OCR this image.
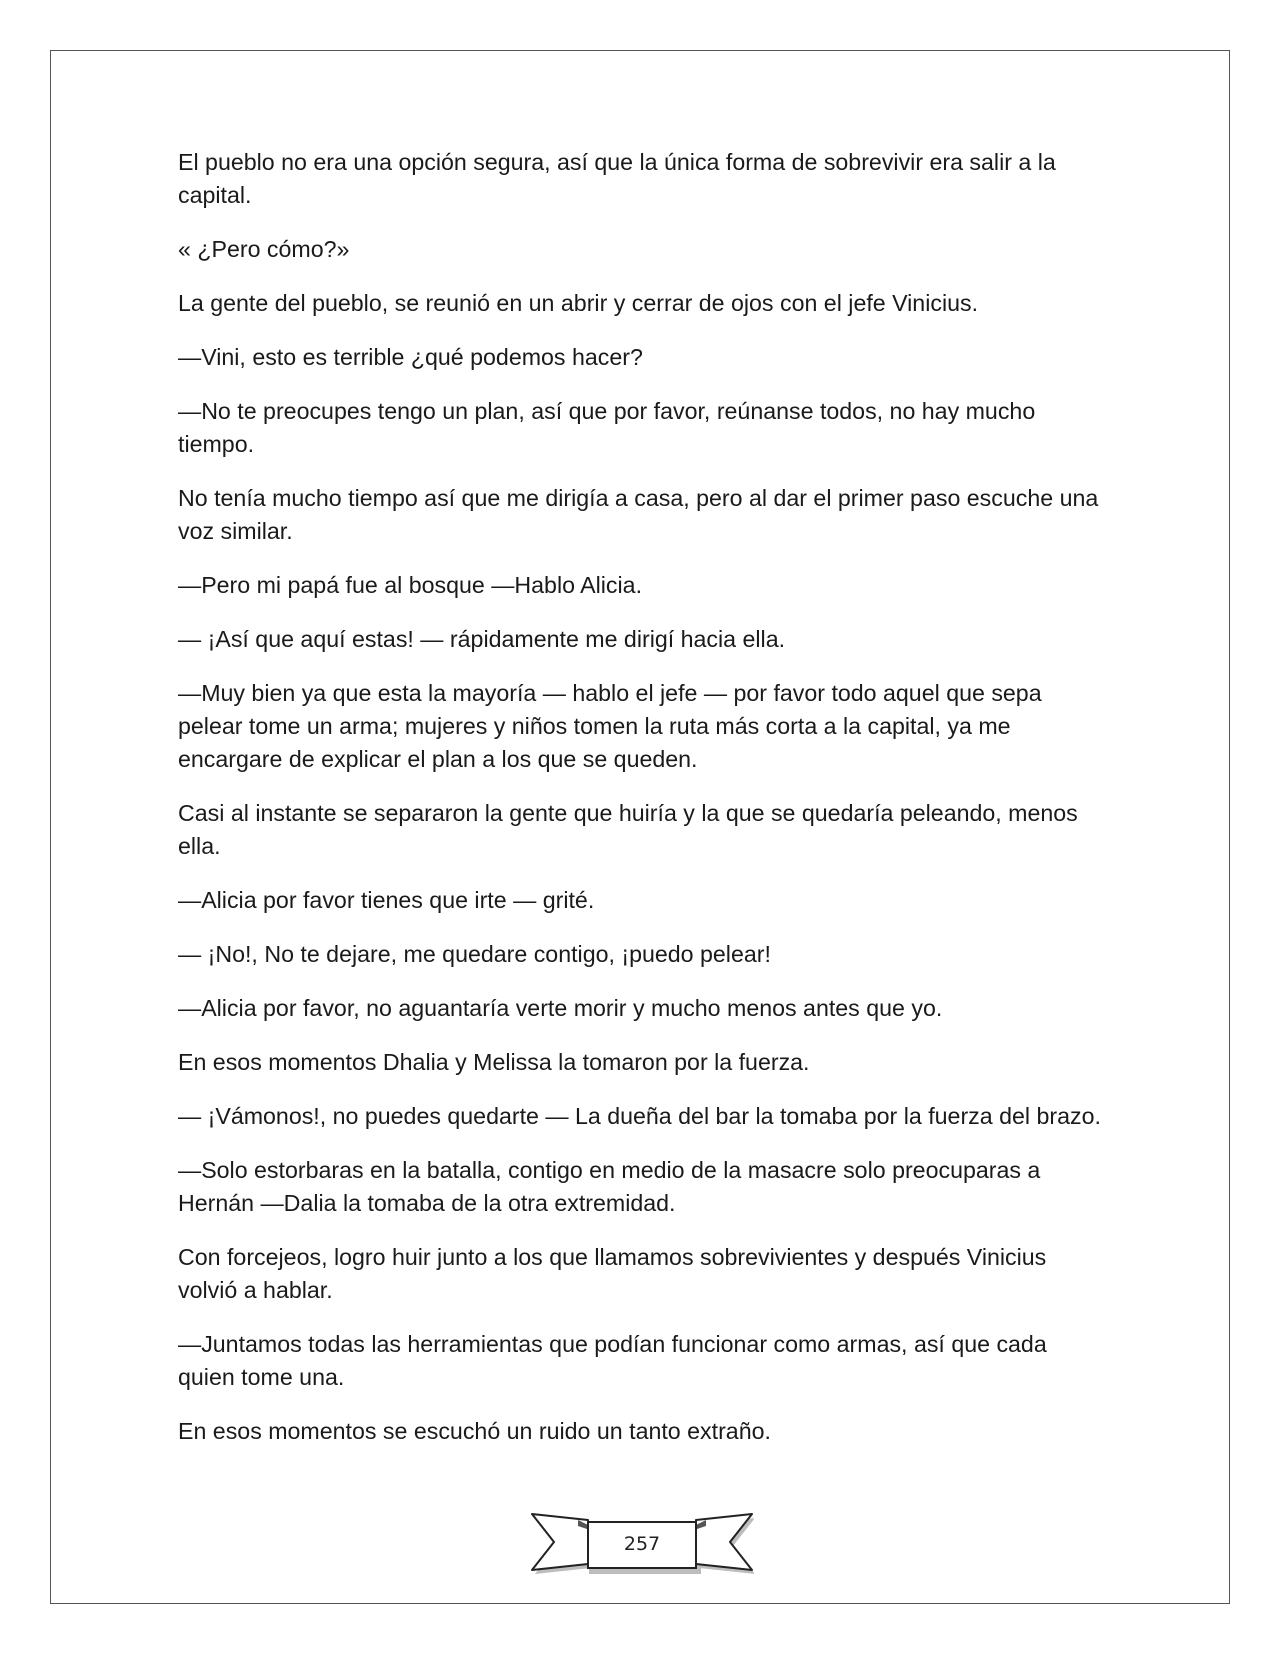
El pueblo no era una opción segura, así que la única forma de sobrevivir era salir a la capital.

« ¿Pero cómo?»

La gente del pueblo, se reunió en un abrir y cerrar de ojos con el jefe Vinicius.

—Vini, esto es terrible ¿qué podemos hacer?

—No te preocupes tengo un plan, así que por favor, reúnanse todos, no hay mucho tiempo.

No tenía mucho tiempo así que me dirigía a casa, pero al dar el primer paso escuche una voz similar.

—Pero mi papá fue al bosque —Hablo Alicia.

— ¡Así que aquí estas! — rápidamente me dirigí hacia ella.

—Muy bien ya que esta la mayoría — hablo el jefe — por favor todo aquel que sepa pelear tome un arma; mujeres y niños tomen la ruta más corta a la capital, ya me encargare de explicar el plan a los que se queden.

Casi al instante se separaron la gente que huiría y la que se quedaría peleando, menos ella.

—Alicia por favor tienes que irte — grité.

— ¡No!, No te dejare, me quedare contigo, ¡puedo pelear!

—Alicia por favor, no aguantaría verte morir y mucho menos antes que yo.

En esos momentos Dhalia y Melissa la tomaron por la fuerza.

— ¡Vámonos!, no puedes quedarte — La dueña del bar la tomaba por la fuerza del brazo.

—Solo estorbaras en la batalla, contigo en medio de la masacre solo preocuparas a Hernán —Dalia la tomaba de la otra extremidad.

Con forcejeos, logro huir junto a los que llamamos sobrevivientes y después Vinicius volvió a hablar.

—Juntamos todas las herramientas que podían funcionar como armas, así que cada quien tome una.

En esos momentos se escuchó un ruido un tanto extraño.

257
